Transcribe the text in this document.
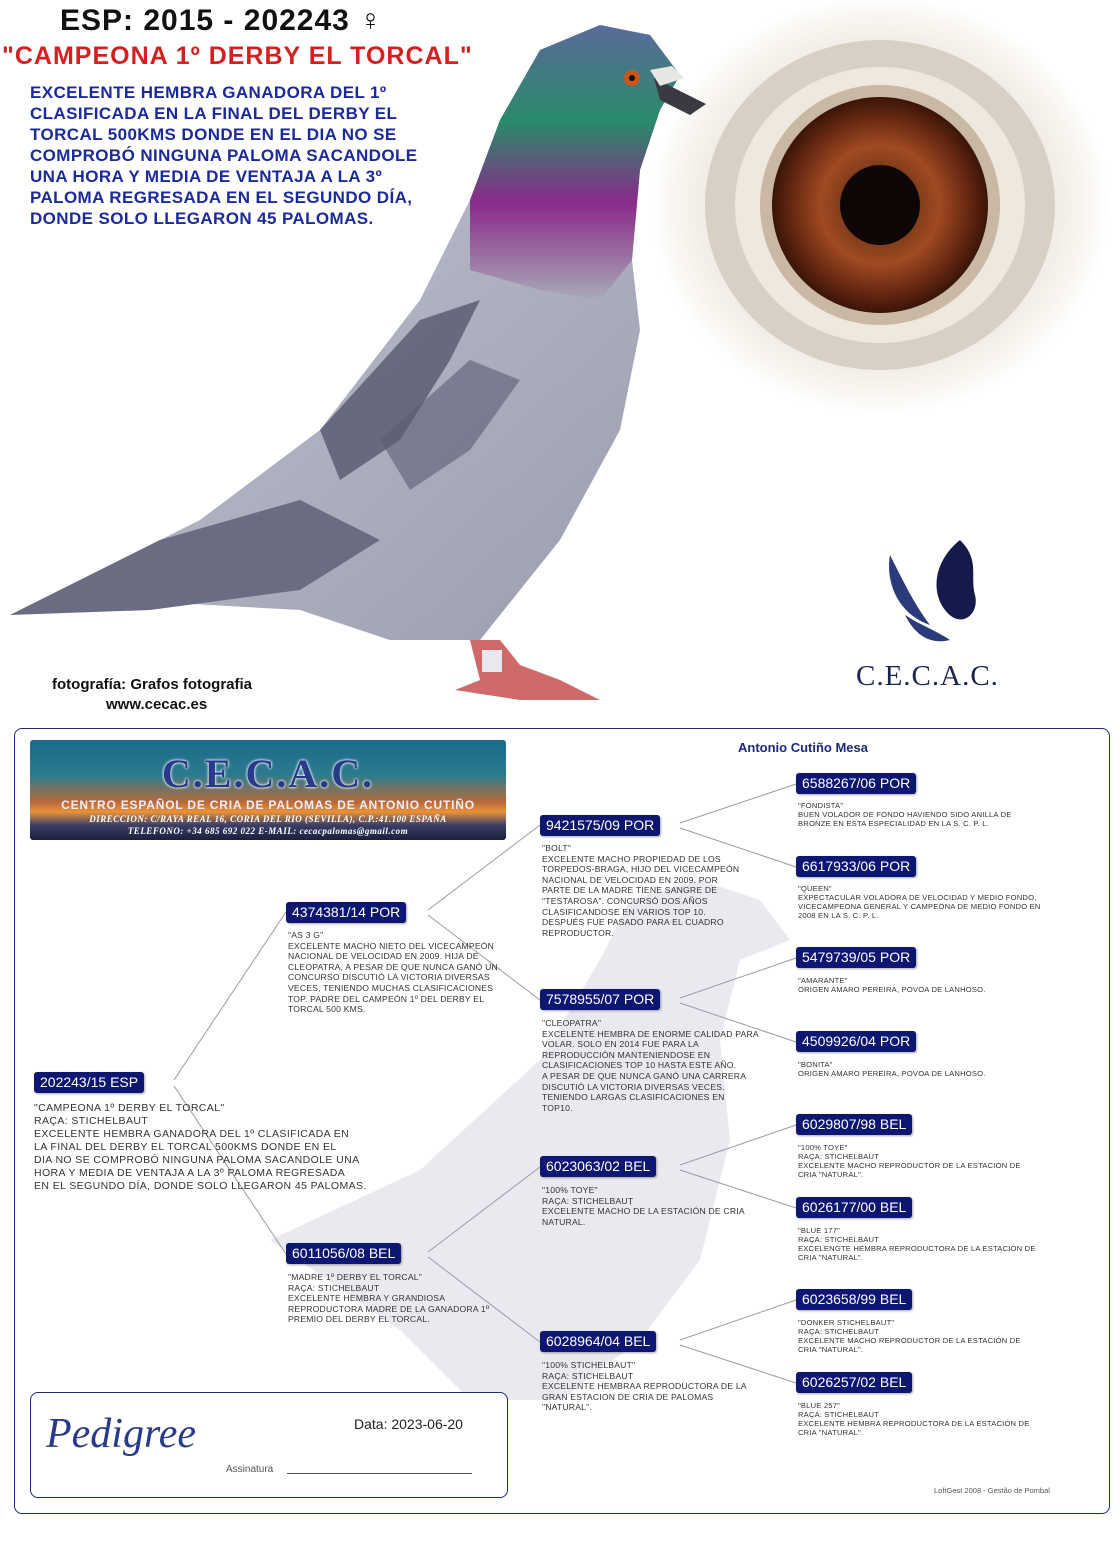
ESP: 2015 - 202243 ♀
"CAMPEONA 1º DERBY EL TORCAL"
EXCELENTE HEMBRA GANADORA DEL 1º
CLASIFICADA EN LA FINAL DEL DERBY EL
TORCAL 500KMS DONDE EN EL DIA NO SE
COMPROBÓ NINGUNA PALOMA SACANDOLE
UNA HORA Y MEDIA DE VENTAJA A LA 3º
PALOMA REGRESADA EN EL SEGUNDO DÍA,
DONDE SOLO LLEGARON 45 PALOMAS.
fotografía: Grafos fotografia
www.cecac.es
C.E.C.A.C.
C.E.C.A.C.
CENTRO ESPAÑOL DE CRIA DE PALOMAS DE ANTONIO CUTIÑO
DIRECCION: C/RAYA REAL 16, CORIA DEL RIO (SEVILLA), C.P.:41.100 ESPAÑA
TELEFONO: +34 685 692 022 E-MAIL: cecacpalomas@gmail.com
Antonio Cutiño Mesa
202243/15 ESP
"CAMPEONA 1º DERBY EL TORCAL"
RAÇA: STICHELBAUT
EXCELENTE HEMBRA GANADORA DEL 1º CLASIFICADA EN
LA FINAL DEL DERBY EL TORCAL 500KMS DONDE EN EL
DIA NO SE COMPROBÓ NINGUNA PALOMA SACANDOLE UNA
HORA Y MEDIA DE VENTAJA A LA 3º PALOMA REGRESADA
EN EL SEGUNDO DÍA, DONDE SOLO LLEGARON 45 PALOMAS.
4374381/14 POR
"AS 3 G"
EXCELENTE MACHO NIETO DEL VICECAMPEÓN
NACIONAL DE VELOCIDAD EN 2009. HIJA DE
CLEOPATRA, A PESAR DE QUE NUNCA GANÓ UN
CONCURSO DISCUTIÓ LA VICTORIA DIVERSAS
VECES, TENIENDO MUCHAS CLASIFICACIONES
TOP. PADRE DEL CAMPEÓN 1º DEL DERBY EL
TORCAL 500 KMS.
6011056/08 BEL
"MADRE 1º DERBY EL TORCAL"
RAÇA: STICHELBAUT
EXCELENTE HEMBRA Y GRANDIOSA
REPRODUCTORA MADRE DE LA GANADORA 1º
PREMIO DEL DERBY EL TORCAL.
9421575/09 POR
"BOLT"
EXCELENTE MACHO PROPIEDAD DE LOS
TORPEDOS-BRAGA, HIJO DEL VICECAMPEÓN
NACIONAL DE VELOCIDAD EN 2009. POR
PARTE DE LA MADRE TIENE SANGRE DE
"TESTAROSA". CONCURSÓ DOS AÑOS
CLASIFICANDOSE EN VARIOS TOP 10.
DESPUÉS FUE PASADO PARA EL CUADRO
REPRODUCTOR.
7578955/07 POR
"CLEOPATRA"
EXCELENTE HEMBRA DE ENORME CALIDAD PARA
VOLAR. SOLO EN 2014 FUE PARA LA
REPRODUCCIÓN MANTENIENDOSE EN
CLASIFICACIONES TOP 10 HASTA ESTE AÑO.
A PESAR DE QUE NUNCA GANÓ UNA CARRERA
DISCUTIÓ LA VICTORIA DIVERSAS VECES.
TENIENDO LARGAS CLASIFICACIONES EN
TOP10.
6023063/02 BEL
"100% TOYE"
RAÇA: STICHELBAUT
EXCELENTE MACHO DE LA ESTACIÓN DE CRIA
NATURAL.
6028964/04 BEL
"100% STICHELBAUT"
RAÇA: STICHELBAUT
EXCELENTE HEMBRAA REPRODUCTORA DE LA
GRAN ESTACION DE CRIA DE PALOMAS
"NATURAL".
6588267/06 POR
"FONDISTA"
BUEN VOLADOR DE FONDO HAVIENDO SIDO ANILLA DE
BRONZE EN ESTA ESPECIALIDAD EN LA S. C. P. L.
6617933/06 POR
"QUEEN"
EXPECTACULAR VOLADORA DE VELOCIDAD Y MEDIO FONDO,
VICECAMPEONA GENERAL Y CAMPEONA DE MEDIO FONDO EN
2008 EN LA S. C. P. L.
5479739/05 POR
"AMARANTE"
ORIGEN AMARO PEREIRA, POVOA DE LANHOSO.
4509926/04 POR
"BONITA"
ORIGEN AMARO PEREIRA, POVOA DE LANHOSO.
6029807/98 BEL
"100% TOYE"
RAÇA: STICHELBAUT
EXCELENTE MACHO REPRODUCTOR DE LA ESTACION DE
CRIA "NATURAL".
6026177/00 BEL
"BLUE 177"
RAÇA: STICHELBAUT
EXCELENGTE HEMBRA REPRODUCTORA DE LA ESTACIÓN DE
CRIA "NATURAL".
6023658/99 BEL
"DONKER STICHELBAUT"
RAÇA: STICHELBAUT
EXCELENTE MACHO REPRODUCTOR DE LA ESTACIÓN DE
CRIA "NATURAL".
6026257/02 BEL
"BLUE 257"
RAÇA: STICHELBAUT
EXCELENTE HEMBRA REPRODUCTORA DE LA ESTACIÓN DE
CRIA "NATURAL".
Pedigree	Data: 2023-06-20
Assinatura
LoftGest 2008 - Gestão de Pombal
